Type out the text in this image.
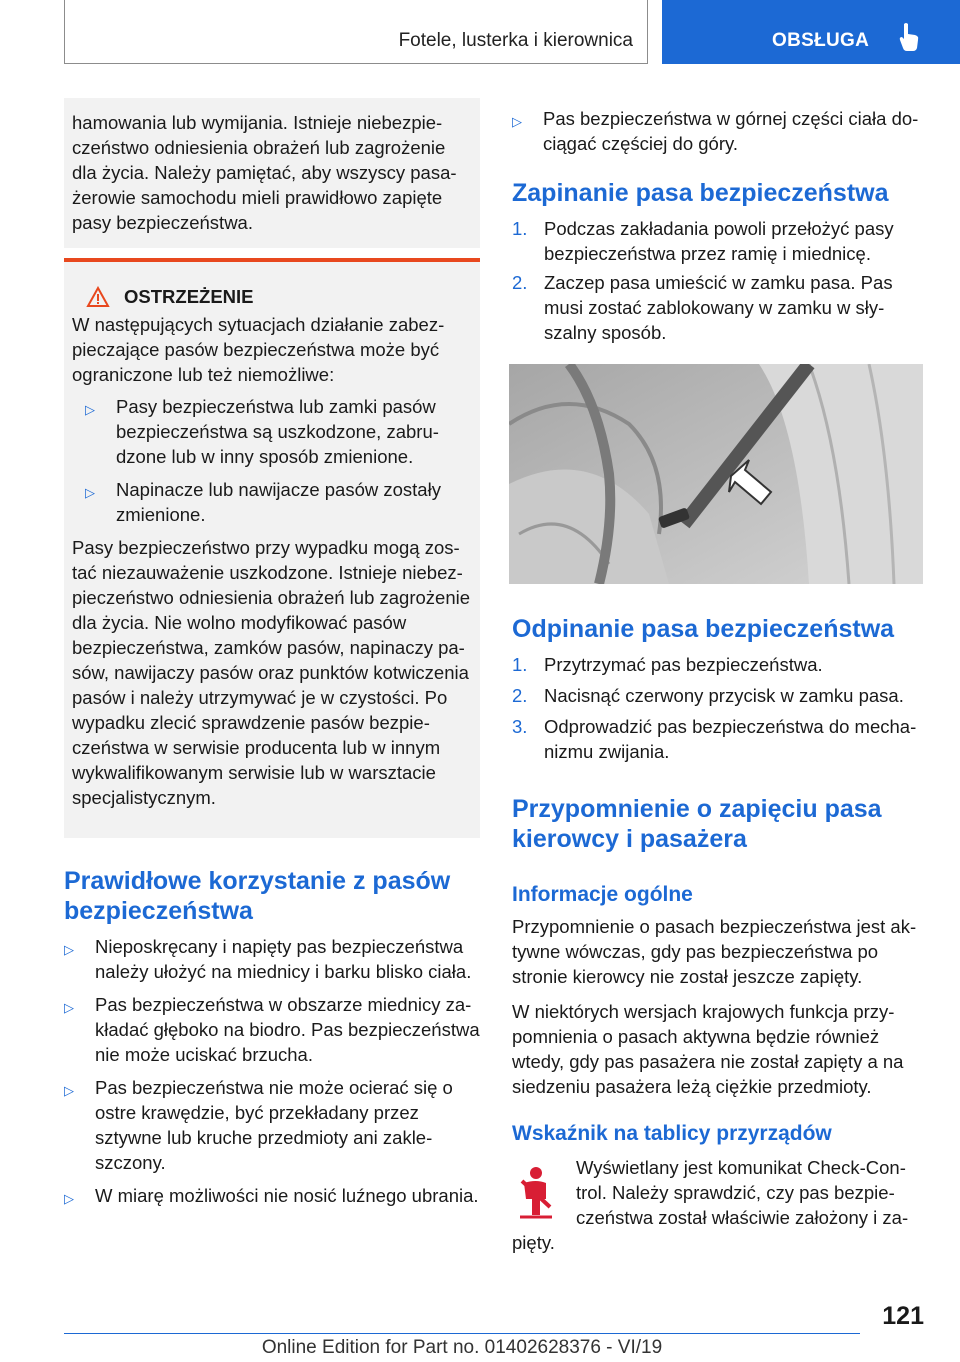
Fotele, lusterka i kierownica	OBSŁUGA

hamowania lub wymijania. Istnieje niebezpieczeństwo odniesienia obrażeń lub zagrożenie dla życia. Należy pamiętać, aby wszyscy pasażerowie samochodu mieli prawidłowo zapięte pasy bezpieczeństwa.

OSTRZEŻENIE

W następujących sytuacjach działanie zabezpieczające pasów bezpieczeństwa może być ograniczone lub też niemożliwe:

▷	Pasy bezpieczeństwa lub zamki pasów bezpieczeństwa są uszkodzone, zabrudzone lub w inny sposób zmienione.
▷	Napinacze lub nawijacze pasów zostały zmienione.

Pasy bezpieczeństwo przy wypadku mogą zostać niezauważenie uszkodzone. Istnieje niebezpieczeństwo odniesienia obrażeń lub zagrożenie dla życia. Nie wolno modyfikować pasów bezpieczeństwa, zamków pasów, napinaczy pasów, nawijaczy pasów oraz punktów kotwiczenia pasów i należy utrzymywać je w czystości. Po wypadku zlecić sprawdzenie pasów bezpieczeństwa w serwisie producenta lub w innym wykwalifikowanym serwisie lub w warsztacie specjalistycznym.

Prawidłowe korzystanie z pasów bezpieczeństwa
▷	Nieposkręcany i napięty pas bezpieczeństwa należy ułożyć na miednicy i barku blisko ciała.
▷	Pas bezpieczeństwa w obszarze miednicy zakładać głęboko na biodro. Pas bezpieczeństwa nie może uciskać brzucha.
▷	Pas bezpieczeństwa nie może ocierać się o ostre krawędzie, być przekładany przez sztywne lub kruche przedmioty ani zakleszczony.
▷	W miarę możliwości nie nosić luźnego ubrania.
▷	Pas bezpieczeństwa w górnej części ciała dociągać częściej do góry.
Zapinanie pasa bezpieczeństwa
1. Podczas zakładania powoli przełożyć pasy bezpieczeństwa przez ramię i miednicę.
2. Zaczep pasa umieścić w zamku pasa. Pas musi zostać zablokowany w zamku w słyszalny sposób.
Odpinanie pasa bezpieczeństwa
1. Przytrzymać pas bezpieczeństwa.
2. Nacisnąć czerwony przycisk w zamku pasa.
3. Odprowadzić pas bezpieczeństwa do mechanizmu zwijania.
Przypomnienie o zapięciu pasa kierowcy i pasażera
Informacje ogólne

Przypomnienie o pasach bezpieczeństwa jest aktywne wówczas, gdy pas bezpieczeństwa po stronie kierowcy nie został jeszcze zapięty.

W niektórych wersjach krajowych funkcja przypomnienia o pasach aktywna będzie również wtedy, gdy pas pasażera nie został zapięty a na siedzeniu pasażera leżą ciężkie przedmioty.

Wskaźnik na tablicy przyrządów

Wyświetlany jest komunikat Check-Control. Należy sprawdzić, czy pas bezpieczeństwa został właściwie założony i zapięty.

121
Online Edition for Part no. 01402628376 - VI/19
